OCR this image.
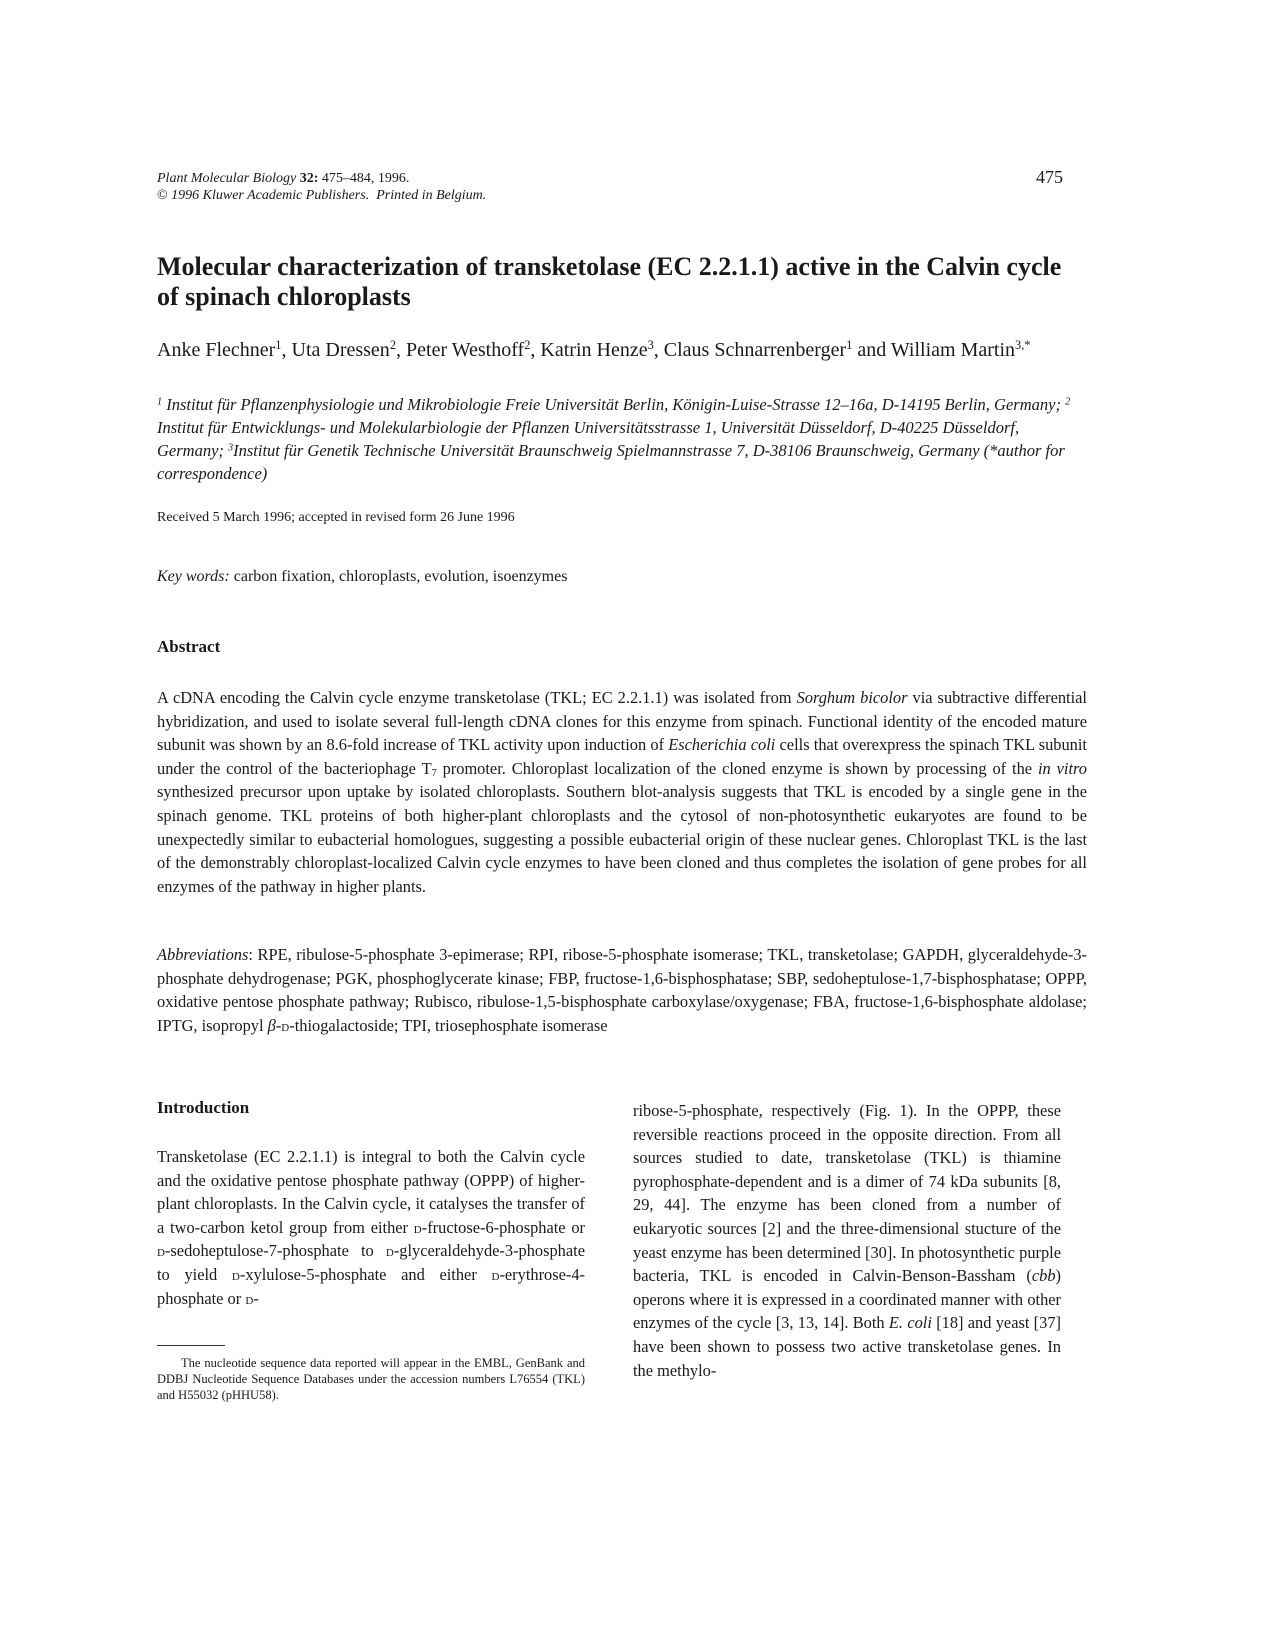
Plant Molecular Biology 32: 475–484, 1996.
© 1996 Kluwer Academic Publishers. Printed in Belgium.
475
Molecular characterization of transketolase (EC 2.2.1.1) active in the Calvin cycle of spinach chloroplasts
Anke Flechner$^1$, Uta Dressen$^2$, Peter Westhoff$^2$, Katrin Henze$^3$, Claus Schnarrenberger$^1$ and William Martin$^{3,*}$
$^1$ Institut für Pflanzenphysiologie und Mikrobiologie Freie Universität Berlin, Königin-Luise-Strasse 12–16a, D-14195 Berlin, Germany; $^2$ Institut für Entwicklungs- und Molekularbiologie der Pflanzen Universitätsstrasse 1, Universität Düsseldorf, D-40225 Düsseldorf, Germany; $^3$Institut für Genetik Technische Universität Braunschweig Spielmannstrasse 7, D-38106 Braunschweig, Germany (*author for correspondence)
Received 5 March 1996; accepted in revised form 26 June 1996
Key words: carbon fixation, chloroplasts, evolution, isoenzymes
Abstract
A cDNA encoding the Calvin cycle enzyme transketolase (TKL; EC 2.2.1.1) was isolated from Sorghum bicolor via subtractive differential hybridization, and used to isolate several full-length cDNA clones for this enzyme from spinach. Functional identity of the encoded mature subunit was shown by an 8.6-fold increase of TKL activity upon induction of Escherichia coli cells that overexpress the spinach TKL subunit under the control of the bacteriophage $T_7$ promoter. Chloroplast localization of the cloned enzyme is shown by processing of the in vitro synthesized precursor upon uptake by isolated chloroplasts. Southern blot-analysis suggests that TKL is encoded by a single gene in the spinach genome. TKL proteins of both higher-plant chloroplasts and the cytosol of non-photosynthetic eukaryotes are found to be unexpectedly similar to eubacterial homologues, suggesting a possible eubacterial origin of these nuclear genes. Chloroplast TKL is the last of the demonstrably chloroplast-localized Calvin cycle enzymes to have been cloned and thus completes the isolation of gene probes for all enzymes of the pathway in higher plants.
Abbreviations: RPE, ribulose-5-phosphate 3-epimerase; RPI, ribose-5-phosphate isomerase; TKL, transketolase; GAPDH, glyceraldehyde-3-phosphate dehydrogenase; PGK, phosphoglycerate kinase; FBP, fructose-1,6-bisphosphatase; SBP, sedoheptulose-1,7-bisphosphatase; OPPP, oxidative pentose phosphate pathway; Rubisco, ribulose-1,5-bisphosphate carboxylase/oxygenase; FBA, fructose-1,6-bisphosphate aldolase; IPTG, isopropyl β-d-thiogalactoside; TPI, triosephosphate isomerase
Introduction
Transketolase (EC 2.2.1.1) is integral to both the Calvin cycle and the oxidative pentose phosphate pathway (OPPP) of higher-plant chloroplasts. In the Calvin cycle, it catalyses the transfer of a two-carbon ketol group from either d-fructose-6-phosphate or d-sedoheptulose-7-phosphate to d-glyceraldehyde-3-phosphate to yield d-xylulose-5-phosphate and either d-erythrose-4-phosphate or d-
ribose-5-phosphate, respectively (Fig. 1). In the OPPP, these reversible reactions proceed in the opposite direction. From all sources studied to date, transketolase (TKL) is thiamine pyrophosphate-dependent and is a dimer of 74 kDa subunits [8, 29, 44]. The enzyme has been cloned from a number of eukaryotic sources [2] and the three-dimensional stucture of the yeast enzyme has been determined [30]. In photosynthetic purple bacteria, TKL is encoded in Calvin-Benson-Bassham (cbb) operons where it is expressed in a coordinated manner with other enzymes of the cycle [3, 13, 14]. Both E. coli [18] and yeast [37] have been shown to possess two active transketolase genes. In the methylo-
The nucleotide sequence data reported will appear in the EMBL, GenBank and DDBJ Nucleotide Sequence Databases under the accession numbers L76554 (TKL) and H55032 (pHHU58).
